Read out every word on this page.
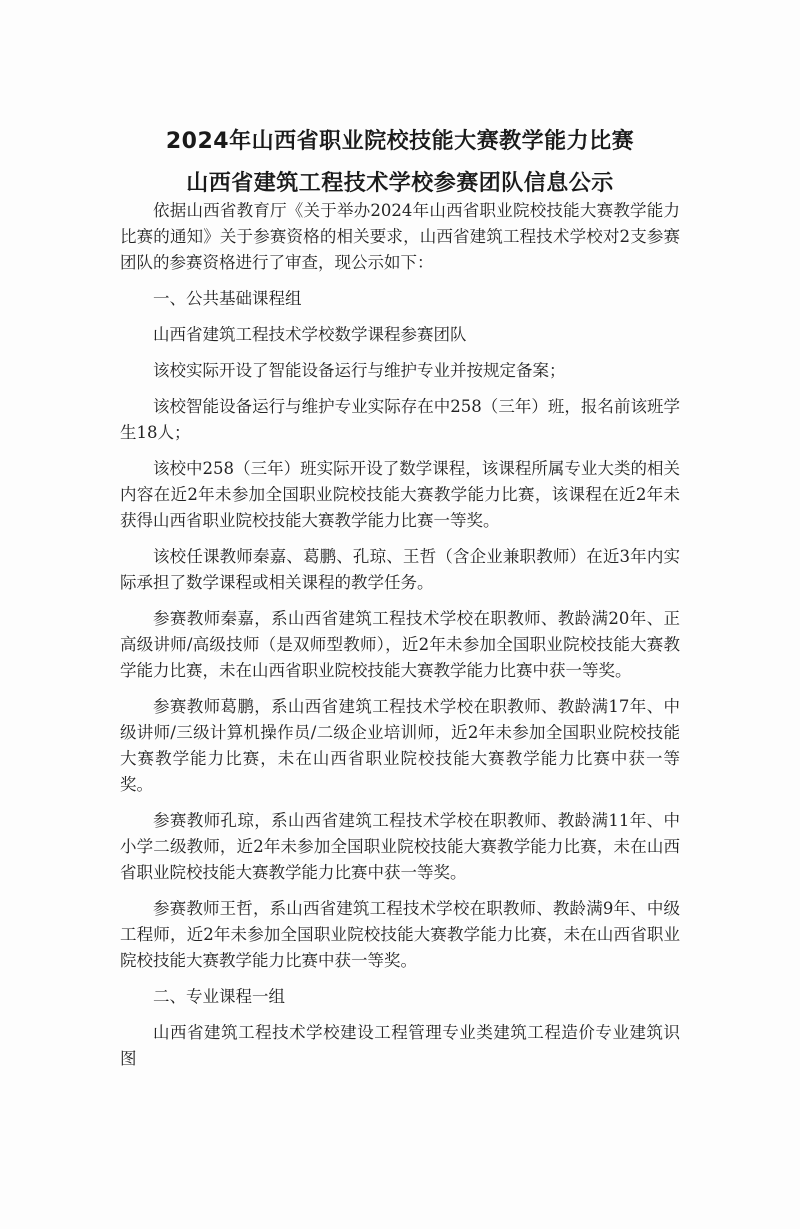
2024年山西省职业院校技能大赛教学能力比赛
山西省建筑工程技术学校参赛团队信息公示

依据山西省教育厅《关于举办2024年山西省职业院校技能大赛教学能力比赛的通知》关于参赛资格的相关要求，山西省建筑工程技术学校对2支参赛团队的参赛资格进行了审查，现公示如下：

一、公共基础课程组

山西省建筑工程技术学校数学课程参赛团队

该校实际开设了智能设备运行与维护专业并按规定备案；

该校智能设备运行与维护专业实际存在中258（三年）班，报名前该班学生18人；

该校中258（三年）班实际开设了数学课程，该课程所属专业大类的相关内容在近2年未参加全国职业院校技能大赛教学能力比赛，该课程在近2年未获得山西省职业院校技能大赛教学能力比赛一等奖。

该校任课教师秦嘉、葛鹏、孔琼、王哲（含企业兼职教师）在近3年内实际承担了数学课程或相关课程的教学任务。

参赛教师秦嘉，系山西省建筑工程技术学校在职教师、教龄满20年、正高级讲师/高级技师（是双师型教师），近2年未参加全国职业院校技能大赛教学能力比赛，未在山西省职业院校技能大赛教学能力比赛中获一等奖。

参赛教师葛鹏，系山西省建筑工程技术学校在职教师、教龄满17年、中级讲师/三级计算机操作员/二级企业培训师，近2年未参加全国职业院校技能大赛教学能力比赛，未在山西省职业院校技能大赛教学能力比赛中获一等奖。

参赛教师孔琼，系山西省建筑工程技术学校在职教师、教龄满11年、中小学二级教师，近2年未参加全国职业院校技能大赛教学能力比赛，未在山西省职业院校技能大赛教学能力比赛中获一等奖。

参赛教师王哲，系山西省建筑工程技术学校在职教师、教龄满9年、中级工程师，近2年未参加全国职业院校技能大赛教学能力比赛，未在山西省职业院校技能大赛教学能力比赛中获一等奖。

二、专业课程一组

山西省建筑工程技术学校建设工程管理专业类建筑工程造价专业建筑识图
